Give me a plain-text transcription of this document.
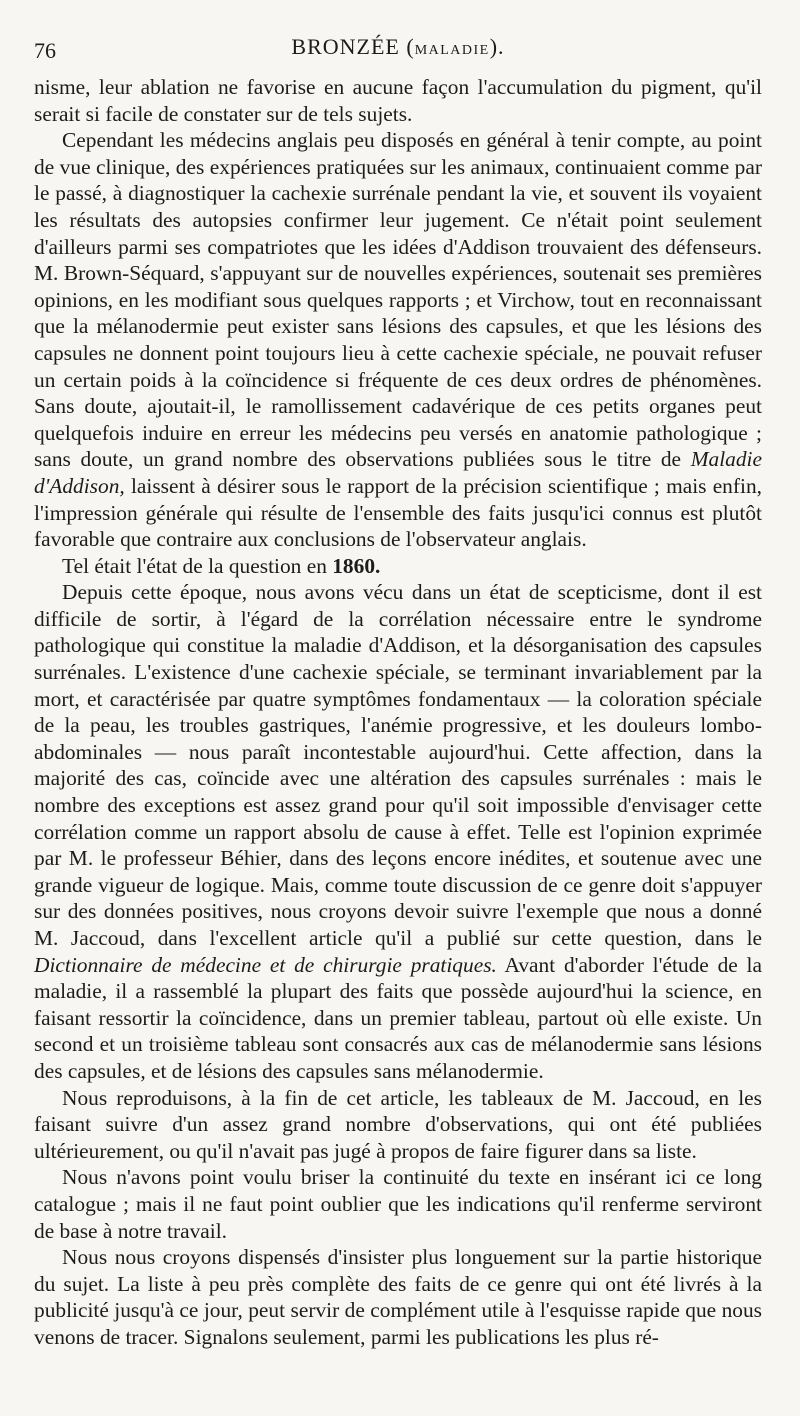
76	BRONZÉE (MALADIE).

nisme, leur ablation ne favorise en aucune façon l'accumulation du pigment, qu'il serait si facile de constater sur de tels sujets.

Cependant les médecins anglais peu disposés en général à tenir compte, au point de vue clinique, des expériences pratiquées sur les animaux, continuaient comme par le passé, à diagnostiquer la cachexie surrénale pendant la vie, et souvent ils voyaient les résultats des autopsies confirmer leur jugement. Ce n'était point seulement d'ailleurs parmi ses compatriotes que les idées d'Addison trouvaient des défenseurs. M. Brown-Séquard, s'appuyant sur de nouvelles expériences, soutenait ses premières opinions, en les modifiant sous quelques rapports ; et Virchow, tout en reconnaissant que la mélanodermie peut exister sans lésions des capsules, et que les lésions des capsules ne donnent point toujours lieu à cette cachexie spéciale, ne pouvait refuser un certain poids à la coïncidence si fréquente de ces deux ordres de phénomènes. Sans doute, ajoutait-il, le ramollissement cadavérique de ces petits organes peut quelquefois induire en erreur les médecins peu versés en anatomie pathologique ; sans doute, un grand nombre des observations publiées sous le titre de Maladie d'Addison, laissent à désirer sous le rapport de la précision scientifique ; mais enfin, l'impression générale qui résulte de l'ensemble des faits jusqu'ici connus est plutôt favorable que contraire aux conclusions de l'observateur anglais.

Tel était l'état de la question en 1860.

Depuis cette époque, nous avons vécu dans un état de scepticisme, dont il est difficile de sortir, à l'égard de la corrélation nécessaire entre le syndrome pathologique qui constitue la maladie d'Addison, et la désorganisation des capsules surrénales. L'existence d'une cachexie spéciale, se terminant invariablement par la mort, et caractérisée par quatre symptômes fondamentaux — la coloration spéciale de la peau, les troubles gastriques, l'anémie progressive, et les douleurs lombo-abdominales — nous paraît incontestable aujourd'hui. Cette affection, dans la majorité des cas, coïncide avec une altération des capsules surrénales : mais le nombre des exceptions est assez grand pour qu'il soit impossible d'envisager cette corrélation comme un rapport absolu de cause à effet. Telle est l'opinion exprimée par M. le professeur Béhier, dans des leçons encore inédites, et soutenue avec une grande vigueur de logique. Mais, comme toute discussion de ce genre doit s'appuyer sur des données positives, nous croyons devoir suivre l'exemple que nous a donné M. Jaccoud, dans l'excellent article qu'il a publié sur cette question, dans le Dictionnaire de médecine et de chirurgie pratiques. Avant d'aborder l'étude de la maladie, il a rassemblé la plupart des faits que possède aujourd'hui la science, en faisant ressortir la coïncidence, dans un premier tableau, partout où elle existe. Un second et un troisième tableau sont consacrés aux cas de mélanodermie sans lésions des capsules, et de lésions des capsules sans mélanodermie.

Nous reproduisons, à la fin de cet article, les tableaux de M. Jaccoud, en les faisant suivre d'un assez grand nombre d'observations, qui ont été publiées ultérieurement, ou qu'il n'avait pas jugé à propos de faire figurer dans sa liste.

Nous n'avons point voulu briser la continuité du texte en insérant ici ce long catalogue ; mais il ne faut point oublier que les indications qu'il renferme serviront de base à notre travail.

Nous nous croyons dispensés d'insister plus longuement sur la partie historique du sujet. La liste à peu près complète des faits de ce genre qui ont été livrés à la publicité jusqu'à ce jour, peut servir de complément utile à l'esquisse rapide que nous venons de tracer. Signalons seulement, parmi les publications les plus ré-
